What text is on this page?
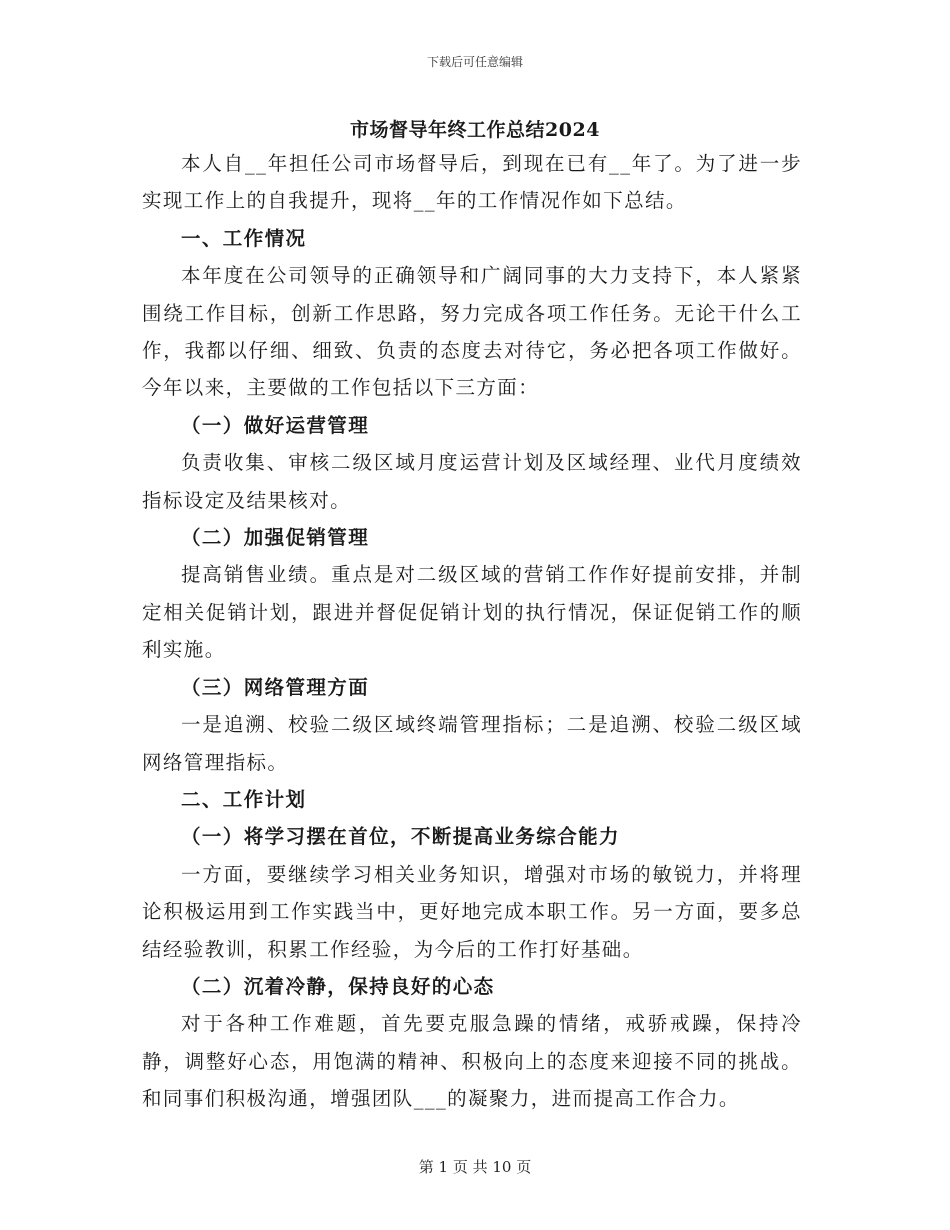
下载后可任意编辑
市场督导年终工作总结2024

本人自__年担任公司市场督导后，到现在已有__年了。为了进一步实现工作上的自我提升，现将__年的工作情况作如下总结。

一、工作情况

本年度在公司领导的正确领导和广阔同事的大力支持下，本人紧紧围绕工作目标，创新工作思路，努力完成各项工作任务。无论干什么工作，我都以仔细、细致、负责的态度去对待它，务必把各项工作做好。今年以来，主要做的工作包括以下三方面：

（一）做好运营管理

负责收集、审核二级区域月度运营计划及区域经理、业代月度绩效指标设定及结果核对。

（二）加强促销管理

提高销售业绩。重点是对二级区域的营销工作作好提前安排，并制定相关促销计划，跟进并督促促销计划的执行情况，保证促销工作的顺利实施。

（三）网络管理方面

一是追溯、校验二级区域终端管理指标；二是追溯、校验二级区域网络管理指标。

二、工作计划

（一）将学习摆在首位，不断提高业务综合能力

一方面，要继续学习相关业务知识，增强对市场的敏锐力，并将理论积极运用到工作实践当中，更好地完成本职工作。另一方面，要多总结经验教训，积累工作经验，为今后的工作打好基础。

（二）沉着冷静，保持良好的心态

对于各种工作难题，首先要克服急躁的情绪，戒骄戒躁，保持冷静，调整好心态，用饱满的精神、积极向上的态度来迎接不同的挑战。和同事们积极沟通，增强团队___的凝聚力，进而提高工作合力。

第 1 页 共 10 页
